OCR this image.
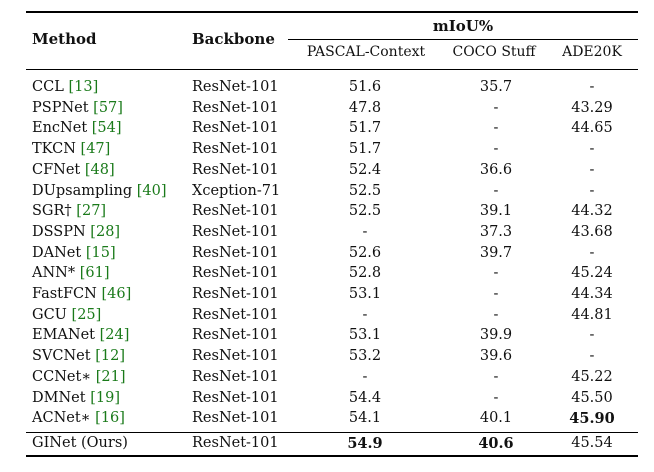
Method	Backbone
mIoU%
PASCAL-Context	COCO Stuff	ADE20K
CCL [13]	ResNet-101	51.6	35.7	-
PSPNet [57]	ResNet-101	47.8	-	43.29
EncNet [54]	ResNet-101	51.7	-	44.65
TKCN [47]	ResNet-101	51.7	-	-
CFNet [48]	ResNet-101	52.4	36.6	-
DUpsampling [40] Xception-71	52.5	-	-
SGR† [27]	ResNet-101	52.5	39.1	44.32
DSSPN [28]	ResNet-101	-	37.3	43.68
DANet [15]	ResNet-101	52.6	39.7	-
ANN* [61]	ResNet-101	52.8	-	45.24
FastFCN [46]	ResNet-101	53.1	-	44.34
GCU [25]	ResNet-101	-	-	44.81
EMANet [24]	ResNet-101	53.1	39.9	-
SVCNet [12]	ResNet-101	53.2	39.6	-
CCNet∗ [21]	ResNet-101	-	-	45.22
DMNet [19]	ResNet-101	54.4	-	45.50
ACNet∗ [16]	ResNet-101	54.1	40.1	45.90
GINet (Ours)	ResNet-101	54.9	40.6	45.54
